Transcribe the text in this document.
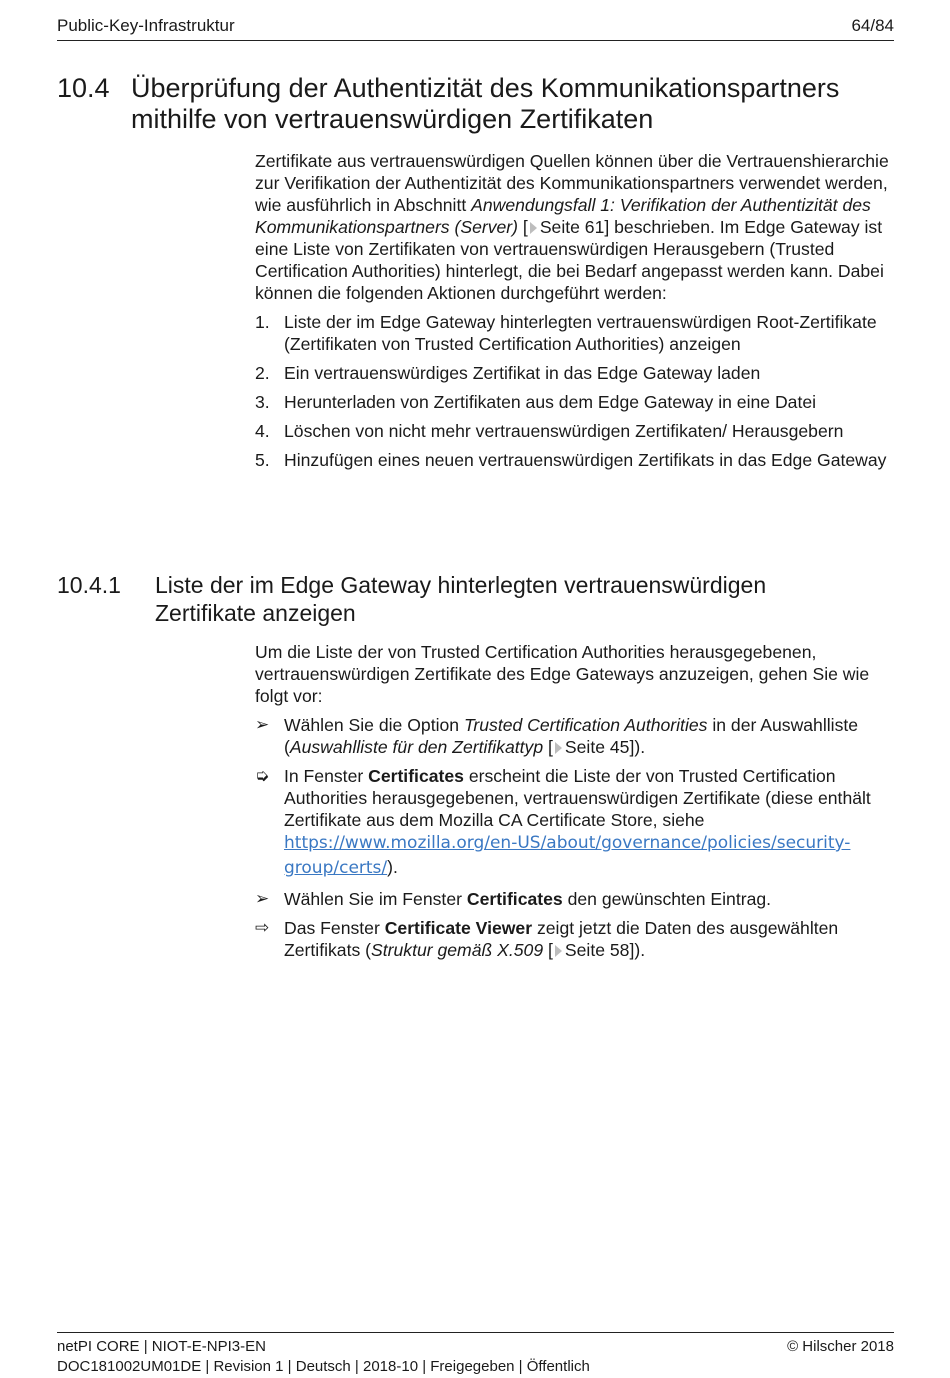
Public-Key-Infrastruktur	64/84
10.4 Überprüfung der Authentizität des Kommunikationspartners mithilfe von vertrauenswürdigen Zertifikaten

Zertifikate aus vertrauenswürdigen Quellen können über die Vertrauenshierarchie zur Verifikation der Authentizität des Kommunikationspartners verwendet werden, wie ausführlich in Abschnitt Anwendungsfall 1: Verifikation der Authentizität des Kommunikationspartners (Server) [ Seite 61] beschrieben. Im Edge Gateway ist eine Liste von Zertifikaten von vertrauenswürdigen Herausgebern (Trusted Certification Authorities) hinterlegt, die bei Bedarf angepasst werden kann. Dabei können die folgenden Aktionen durchgeführt werden:

1. Liste der im Edge Gateway hinterlegten vertrauenswürdigen Root-Zertifikate (Zertifikaten von Trusted Certification Authorities) anzeigen
2. Ein vertrauenswürdiges Zertifikat in das Edge Gateway laden
3. Herunterladen von Zertifikaten aus dem Edge Gateway in eine Datei
4. Löschen von nicht mehr vertrauenswürdigen Zertifikaten/ Herausgebern
5. Hinzufügen eines neuen vertrauenswürdigen Zertifikats in das Edge Gateway
10.4.1 Liste der im Edge Gateway hinterlegten vertrauenswürdigen Zertifikate anzeigen

Um die Liste der von Trusted Certification Authorities herausgegebenen, vertrauenswürdigen Zertifikate des Edge Gateways anzuzeigen, gehen Sie wie folgt vor:

➢ Wählen Sie die Option Trusted Certification Authorities in der Auswahlliste (Auswahlliste für den Zertifikattyp [ Seite 45]).
➭ In Fenster Certificates erscheint die Liste der von Trusted Certification Authorities herausgegebenen, vertrauenswürdigen Zertifikate (diese enthält Zertifikate aus dem Mozilla CA Certificate Store, siehe https://www.mozilla.org/en-US/about/governance/policies/security-group/certs/).
➢ Wählen Sie im Fenster Certificates den gewünschten Eintrag.
⇨ Das Fenster Certificate Viewer zeigt jetzt die Daten des ausgewählten Zertifikats (Struktur gemäß X.509 [ Seite 58]).
netPI CORE | NIOT-E-NPI3-EN
DOC181002UM01DE | Revision 1 | Deutsch | 2018-10 | Freigegeben | Öffentlich
© Hilscher 2018
